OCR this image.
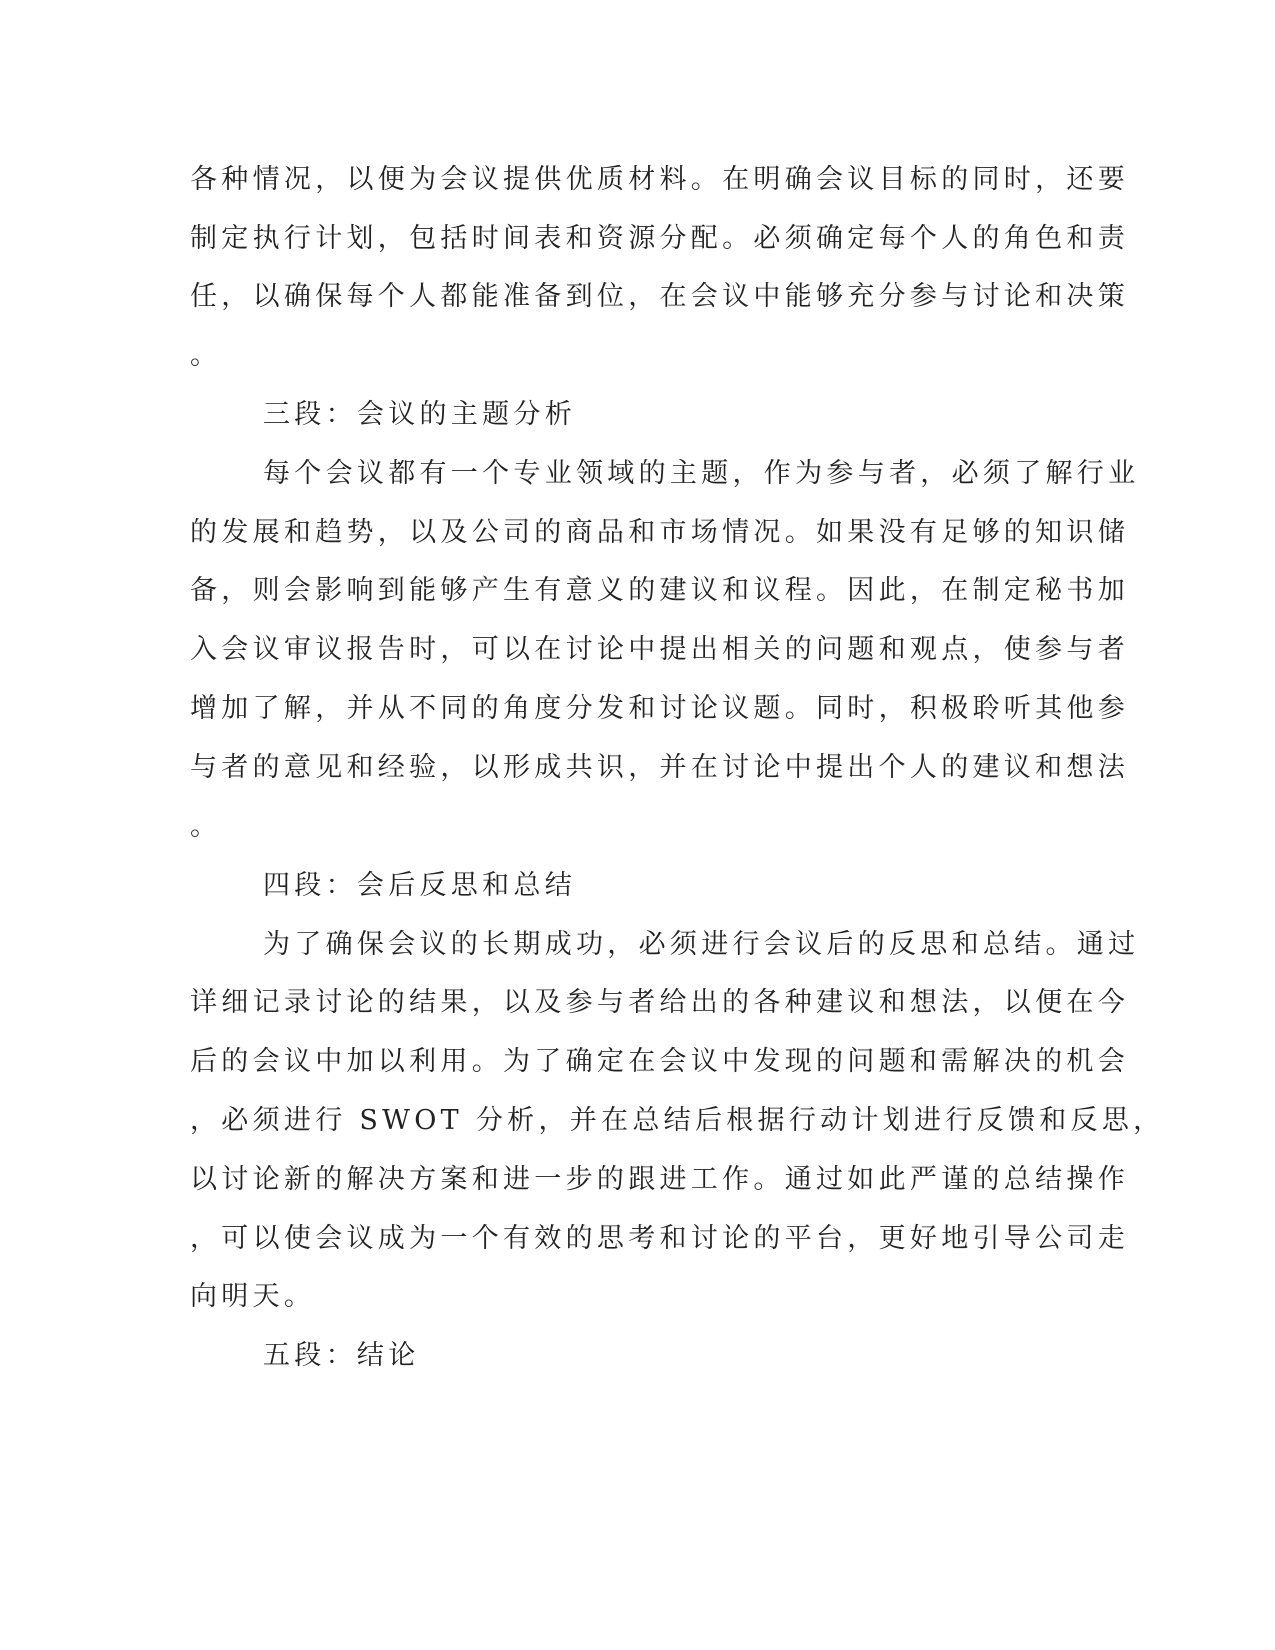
各种情况，以便为会议提供优质材料。在明确会议目标的同时，还要
制定执行计划，包括时间表和资源分配。必须确定每个人的角色和责
任，以确保每个人都能准备到位，在会议中能够充分参与讨论和决策
。
三段：会议的主题分析
每个会议都有一个专业领域的主题，作为参与者，必须了解行业
的发展和趋势，以及公司的商品和市场情况。如果没有足够的知识储
备，则会影响到能够产生有意义的建议和议程。因此，在制定秘书加
入会议审议报告时，可以在讨论中提出相关的问题和观点，使参与者
增加了解，并从不同的角度分发和讨论议题。同时，积极聆听其他参
与者的意见和经验，以形成共识，并在讨论中提出个人的建议和想法
。
四段：会后反思和总结
为了确保会议的长期成功，必须进行会议后的反思和总结。通过
详细记录讨论的结果，以及参与者给出的各种建议和想法，以便在今
后的会议中加以利用。为了确定在会议中发现的问题和需解决的机会
，必须进行 SWOT 分析，并在总结后根据行动计划进行反馈和反思，
以讨论新的解决方案和进一步的跟进工作。通过如此严谨的总结操作
，可以使会议成为一个有效的思考和讨论的平台，更好地引导公司走
向明天。
五段：结论
